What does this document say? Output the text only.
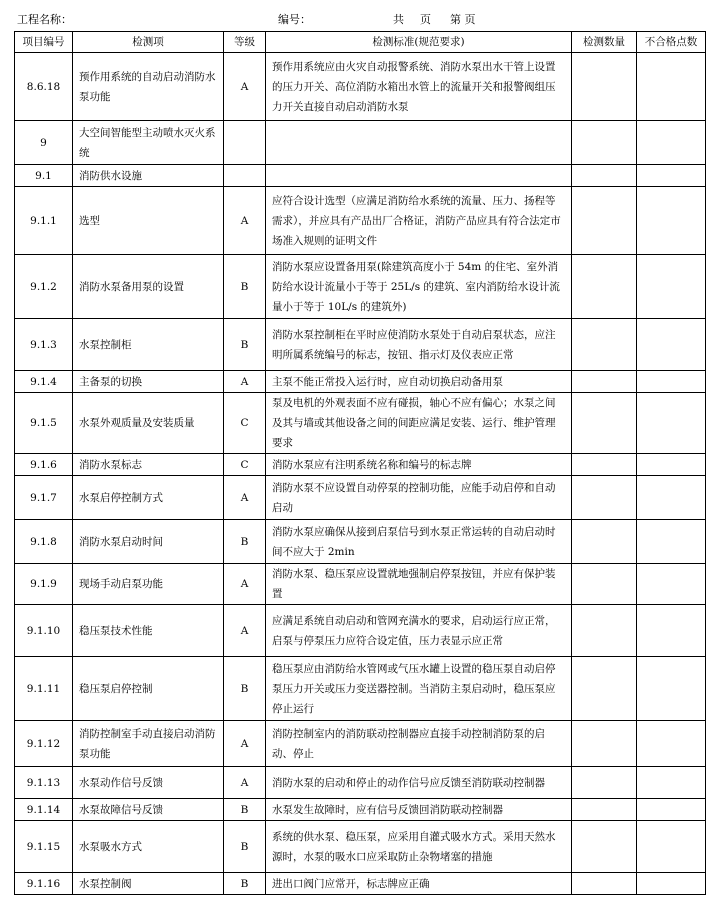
工程名称：	编号：	共 页 第 页
项目编号	检测项	等级	检测标准(规范要求)	检测数量	不合格点数
8.6.18	预作用系统的自动启动消防水泵功能	A	预作用系统应由火灾自动报警系统、消防水泵出水干管上设置的压力开关、高位消防水箱出水管上的流量开关和报警阀组压力开关直接自动启动消防水泵		
9	大空间智能型主动喷水灭火系统				
9.1	消防供水设施				
9.1.1	选型	A	应符合设计选型（应满足消防给水系统的流量、压力、扬程等需求），并应具有产品出厂合格证，消防产品应具有符合法定市场准入规则的证明文件		
9.1.2	消防水泵备用泵的设置	B	消防水泵应设置备用泵(除建筑高度小于 54m 的住宅、室外消防给水设计流量小于等于 25L/s 的建筑、室内消防给水设计流量小于等于 10L/s 的建筑外)		
9.1.3	水泵控制柜	B	消防水泵控制柜在平时应使消防水泵处于自动启泵状态，应注明所属系统编号的标志，按钮、指示灯及仪表应正常		
9.1.4	主备泵的切换	A	主泵不能正常投入运行时，应自动切换启动备用泵		
9.1.5	水泵外观质量及安装质量	C	泵及电机的外观表面不应有碰损，轴心不应有偏心；水泵之间及其与墙或其他设备之间的间距应满足安装、运行、维护管理要求		
9.1.6	消防水泵标志	C	消防水泵应有注明系统名称和编号的标志牌		
9.1.7	水泵启停控制方式	A	消防水泵不应设置自动停泵的控制功能，应能手动启停和自动启动		
9.1.8	消防水泵启动时间	B	消防水泵应确保从接到启泵信号到水泵正常运转的自动启动时间不应大于 2min		
9.1.9	现场手动启泵功能	A	消防水泵、稳压泵应设置就地强制启停泵按钮，并应有保护装置		
9.1.10	稳压泵技术性能	A	应满足系统自动启动和管网充满水的要求，启动运行应正常，启泵与停泵压力应符合设定值，压力表显示应正常		
9.1.11	稳压泵启停控制	B	稳压泵应由消防给水管网或气压水罐上设置的稳压泵自动启停泵压力开关或压力变送器控制。当消防主泵启动时，稳压泵应停止运行		
9.1.12	消防控制室手动直接启动消防泵功能	A	消防控制室内的消防联动控制器应直接手动控制消防泵的启动、停止		
9.1.13	水泵动作信号反馈	A	消防水泵的启动和停止的动作信号应反馈至消防联动控制器		
9.1.14	水泵故障信号反馈	B	水泵发生故障时，应有信号反馈回消防联动控制器		
9.1.15	水泵吸水方式	B	系统的供水泵、稳压泵，应采用自灌式吸水方式。采用天然水源时，水泵的吸水口应采取防止杂物堵塞的措施		
9.1.16	水泵控制阀	B	进出口阀门应常开，标志牌应正确		
